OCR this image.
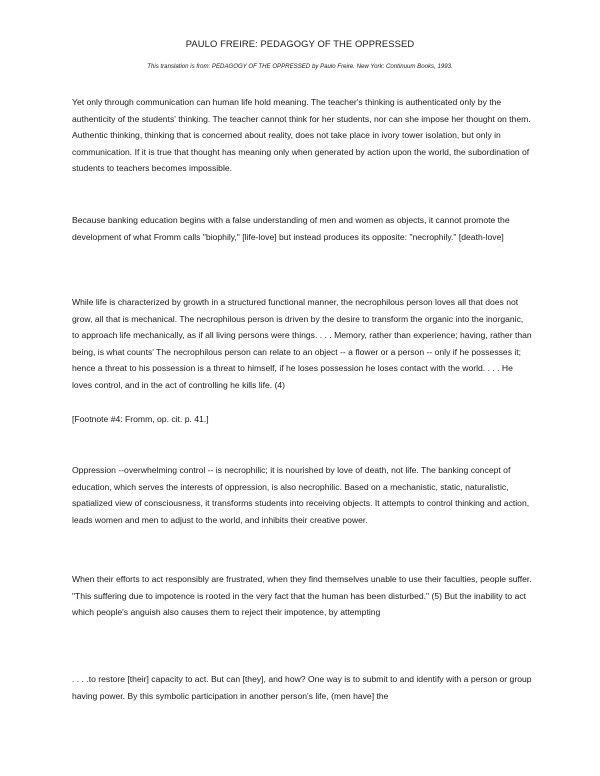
PAULO FREIRE: PEDAGOGY OF THE OPPRESSED
This translation is from: PEDAGOGY OF THE OPPRESSED by Paulo Freire. New York: Continuum Books, 1993.

Yet only through communication can human life hold meaning. The teacher's thinking is authenticated only by the authenticity of the students' thinking. The teacher cannot think for her students, nor can she impose her thought on them. Authentic thinking, thinking that is concerned about reality, does not take place in ivory tower isolation, but only in communication. If it is true that thought has meaning only when generated by action upon the world, the subordination of students to teachers becomes impossible.

Because banking education begins with a false understanding of men and women as objects, it cannot promote the development of what Fromm calls "biophily," [life-love] but instead produces its opposite: "necrophily." [death-love]

While life is characterized by growth in a structured functional manner, the necrophilous person loves all that does not grow, all that is mechanical. The necrophilous person is driven by the desire to transform the organic into the inorganic, to approach life mechanically, as if all living persons were things. . . . Memory, rather than experience; having, rather than being, is what counts' The necrophilous person can relate to an object -- a flower or a person -- only if he possesses it; hence a threat to his possession is a threat to himself, if he loses possession he loses contact with the world. . . . He loves control, and in the act of controlling he kills life. (4)

[Footnote #4: Fromm, op. cit. p. 41.]

Oppression --overwhelming control -- is necrophilic; it is nourished by love of death, not life. The banking concept of education, which serves the interests of oppression, is also necrophilic. Based on a mechanistic, static, naturalistic, spatialized view of consciousness, it transforms students into receiving objects. It attempts to control thinking and action, leads women and men to adjust to the world, and inhibits their creative power.

When their efforts to act responsibly are frustrated, when they find themselves unable to use their faculties, people suffer. "This suffering due to impotence is rooted in the very fact that the human has been disturbed." (5) But the inability to act which people's anguish also causes them to reject their impotence, by attempting

. . . .to restore [their] capacity to act. But can [they], and how? One way is to submit to and identify with a person or group having power. By this symbolic participation in another person's life, (men have] the
